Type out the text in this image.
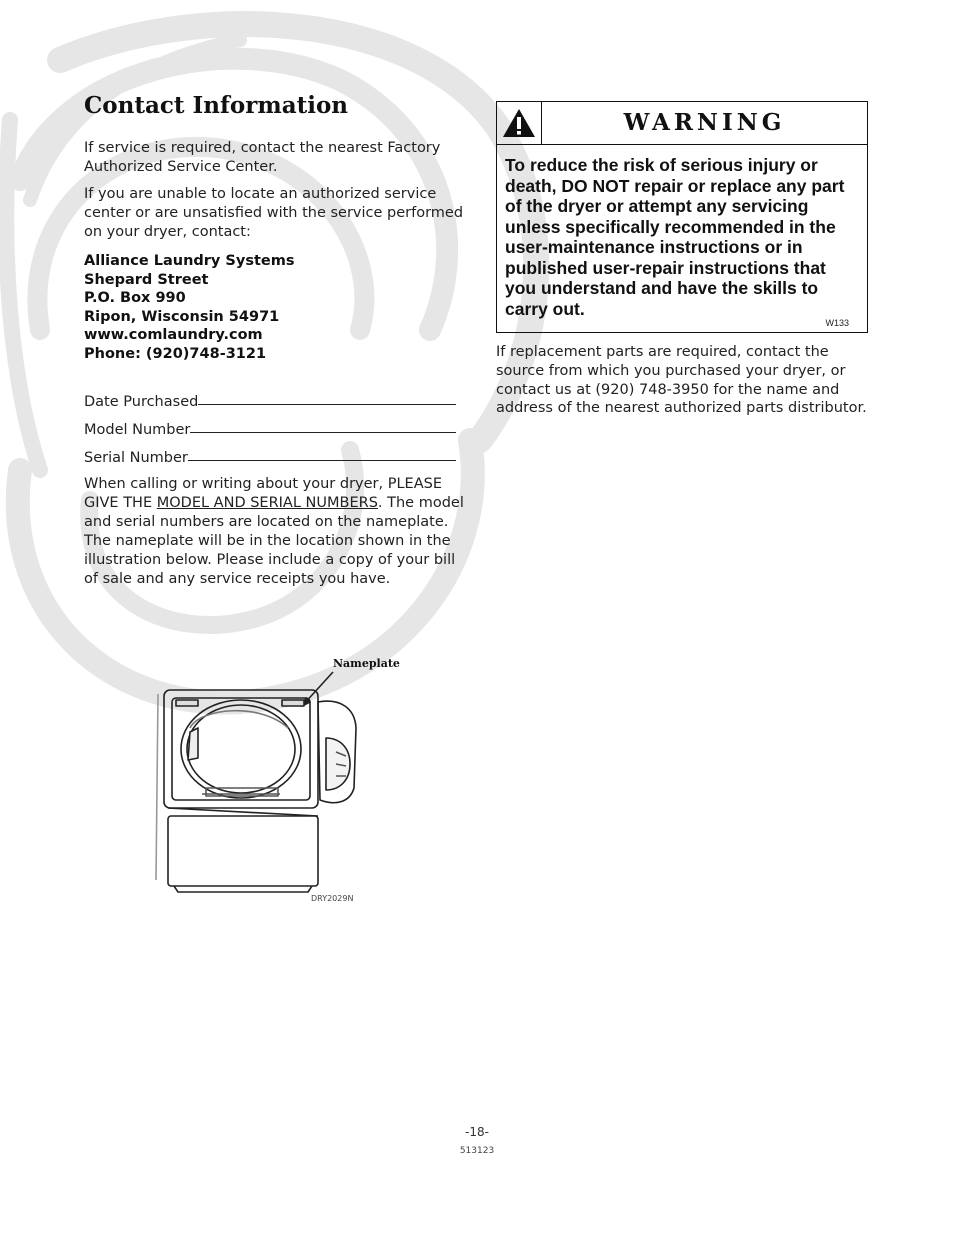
Contact Information

If service is required, contact the nearest Factory Authorized Service Center.

If you are unable to locate an authorized service center or are unsatisfied with the service performed on your dryer, contact:

Alliance Laundry Systems
Shepard Street
P.O. Box 990
Ripon, Wisconsin 54971
www.comlaundry.com
Phone: (920)748-3121
Date Purchased
Model Number
Serial Number

When calling or writing about your dryer, PLEASE GIVE THE MODEL AND SERIAL NUMBERS. The model and serial numbers are located on the nameplate. The nameplate will be in the location shown in the illustration below. Please include a copy of your bill of sale and any service receipts you have.

WARNING
To reduce the risk of serious injury or death, DO NOT repair or replace any part of the dryer or attempt any servicing unless specifically recommended in the user-maintenance instructions or in published user-repair instructions that you understand and have the skills to carry out.
W133

If replacement parts are required, contact the source from which you purchased your dryer, or contact us at (920) 748-3950 for the name and address of the nearest authorized parts distributor.

Nameplate
DRY2029N
-18-
513123
